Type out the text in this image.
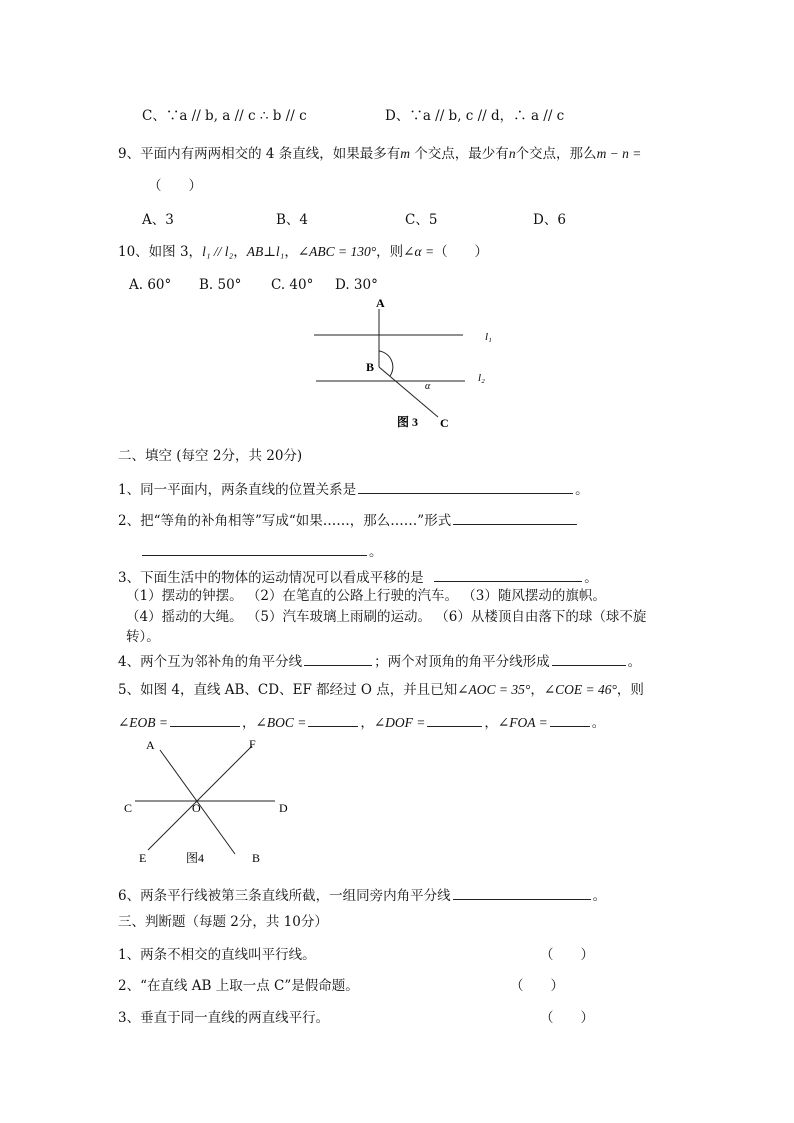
C、∵a // b, a // c ∴ b // c	D、∵a // b, c // d，∴ a // c
9、平面内有两两相交的 4 条直线，如果最多有m 个交点，最少有n个交点，那么m − n =
（　　）
A、3	B、4	C、5	D、6
10、如图 3，l₁ // l₂，AB⊥l₁，∠ABC = 130°，则∠α =（　　）
A. 60° B. 50° C. 40° D. 30°
A
B
C
l₁
l₂
α
图 3
二、填空 (每空 2分，共 20分)
1、同一平面内，两条直线的位置关系是	。
2、把“等角的补角相等”写成“如果……，那么……”形式
。
3、下面生活中的物体的运动情况可以看成平移的是	。
（1）摆动的钟摆。 （2）在笔直的公路上行驶的汽车。 （3）随风摆动的旗帜。
（4）摇动的大绳。 （5）汽车玻璃上雨刷的运动。 （6）从楼顶自由落下的球（球不旋
转）。
4、两个互为邻补角的角平分线	；两个对顶角的角平分线形成	。
5、如图 4，直线 AB、CD、EF 都经过 O 点，并且已知∠AOC = 35°，∠COE = 46°，则
∠EOB =	，∠BOC =	，∠DOF =	，∠FOA =	。
A	F
C	O	D
E	图4	B
6、两条平行线被第三条直线所截，一组同旁内角平分线	。
三、判断题（每题 2分，共 10分）
1、两条不相交的直线叫平行线。	（　　）
2、“在直线 AB 上取一点 C”是假命题。	（　　）
3、垂直于同一直线的两直线平行。	（　　）
